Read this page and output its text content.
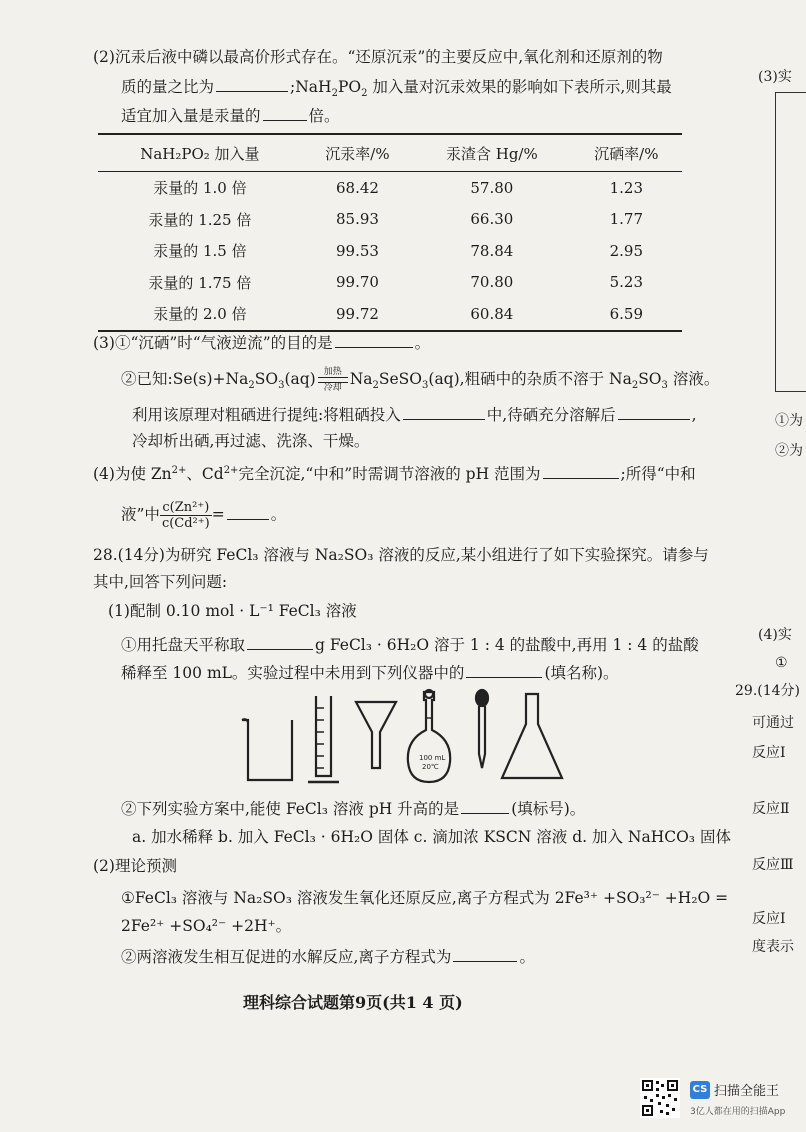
(2)沉汞后液中磷以最高价形式存在。“还原沉汞”的主要反应中,氧化剂和还原剂的物
质的量之比为	$;NaH_2PO_2$ 加入量对沉汞效果的影响如下表所示,则其最
适宜加入量是汞量的	倍。
NaH₂PO₂ 加入量	沉汞率/%	汞渣含 Hg/%	沉硒率/%
汞量的 1.0 倍	68.42	57.80	1.23
汞量的 1.25 倍	85.93	66.30	1.77
汞量的 1.5 倍	99.53	78.84	2.95
汞量的 1.75 倍	99.70	70.80	5.23
汞量的 2.0 倍	99.72	60.84	6.59
(3)①“沉硒”时“气液逆流”的目的是	。
②已知$:Se(s)+Na_2SO_3(aq)$ 加热
冷却 $Na_2SeSO_3(aq)$,粗硒中的杂质不溶于 $Na_2SO_3$ 溶液。
利用该原理对粗硒进行提纯:将粗硒投入	中,待硒充分溶解后	,
冷却析出硒,再过滤、洗涤、干燥。
(4)为使 $Zn^{2+}$、$Cd^{2+}$完全沉淀,“中和”时需调节溶液的 pH 范围为	;所得“中和
液”中 $\frac{\text{c(Zn²⁺)}}{\text{c(Cd²⁺)}}$ =	。
28.(14分)为研究 FeCl₃ 溶液与 Na₂SO₃ 溶液的反应,某小组进行了如下实验探究。请参与
其中,回答下列问题:
(1)配制 0.10 mol · L⁻¹ FeCl₃ 溶液
①用托盘天平称取	g FeCl₃ · 6H₂O 溶于 1 : 4 的盐酸中,再用 1 : 4 的盐酸
稀释至 100 mL。实验过程中未用到下列仪器中的	(填名称)。
100 mL
20℃
②下列实验方案中,能使 FeCl₃ 溶液 pH 升高的是	(填标号)。
a. 加水稀释 b. 加入 FeCl₃ · 6H₂O 固体 c. 滴加浓 KSCN 溶液 d. 加入 NaHCO₃ 固体
(2)理论预测
①FeCl₃ 溶液与 Na₂SO₃ 溶液发生氧化还原反应,离子方程式为 2Fe³⁺ +SO₃²⁻ +H₂O =
2Fe²⁺ +SO₄²⁻ +2H⁺。
②两溶液发生相互促进的水解反应,离子方程式为	。
理科综合试题第9页(共1 4 页)
(3)实
①为
②为
(4)实
①
29.(14分)
可通过
反应Ⅰ
反应Ⅱ
反应Ⅲ
反应Ⅰ
度表示
CS 扫描全能王
3亿人都在用的扫描App
